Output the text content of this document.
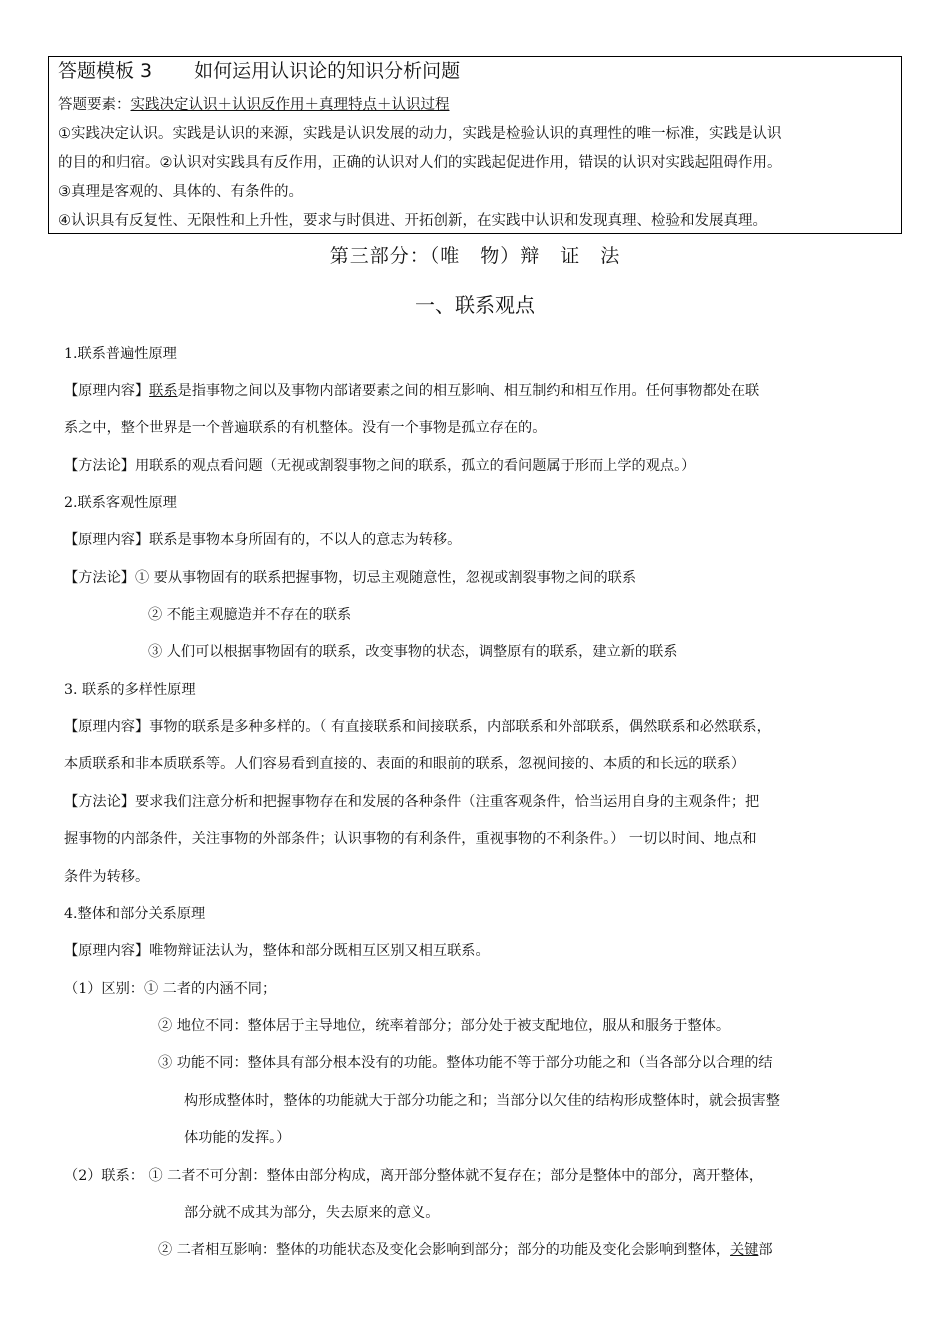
答题模板 3 如何运用认识论的知识分析问题
答题要素：实践决定认识＋认识反作用＋真理特点＋认识过程
①实践决定认识。实践是认识的来源，实践是认识发展的动力，实践是检验认识的真理性的唯一标准，实践是认识
的目的和归宿。②认识对实践具有反作用，正确的认识对人们的实践起促进作用，错误的认识对实践起阻碍作用。
③真理是客观的、具体的、有条件的。
④认识具有反复性、无限性和上升性，要求与时俱进、开拓创新，在实践中认识和发现真理、检验和发展真理。
第三部分：（唯　物）辩　证　法
一、联系观点
1.联系普遍性原理
【原理内容】联系是指事物之间以及事物内部诸要素之间的相互影响、相互制约和相互作用。任何事物都处在联
系之中，整个世界是一个普遍联系的有机整体。没有一个事物是孤立存在的。
【方法论】用联系的观点看问题（无视或割裂事物之间的联系，孤立的看问题属于形而上学的观点。）
2.联系客观性原理
【原理内容】联系是事物本身所固有的，不以人的意志为转移。
【方法论】① 要从事物固有的联系把握事物，切忌主观随意性，忽视或割裂事物之间的联系
② 不能主观臆造并不存在的联系
③ 人们可以根据事物固有的联系，改变事物的状态，调整原有的联系，建立新的联系
3. 联系的多样性原理
【原理内容】事物的联系是多种多样的。（ 有直接联系和间接联系，内部联系和外部联系，偶然联系和必然联系，
本质联系和非本质联系等。人们容易看到直接的、表面的和眼前的联系，忽视间接的、本质的和长远的联系）
【方法论】要求我们注意分析和把握事物存在和发展的各种条件（注重客观条件，恰当运用自身的主观条件；把
握事物的内部条件，关注事物的外部条件；认识事物的有利条件，重视事物的不利条件。） 一切以时间、地点和
条件为转移。
4.整体和部分关系原理
【原理内容】唯物辩证法认为，整体和部分既相互区别又相互联系。
（1）区别：① 二者的内涵不同；
② 地位不同：整体居于主导地位，统率着部分；部分处于被支配地位，服从和服务于整体。
③ 功能不同：整体具有部分根本没有的功能。整体功能不等于部分功能之和（当各部分以合理的结
构形成整体时，整体的功能就大于部分功能之和；当部分以欠佳的结构形成整体时，就会损害整
体功能的发挥。）
（2）联系： ① 二者不可分割：整体由部分构成，离开部分整体就不复存在；部分是整体中的部分，离开整体，
部分就不成其为部分，失去原来的意义。
② 二者相互影响：整体的功能状态及变化会影响到部分；部分的功能及变化会影响到整体，关键部
